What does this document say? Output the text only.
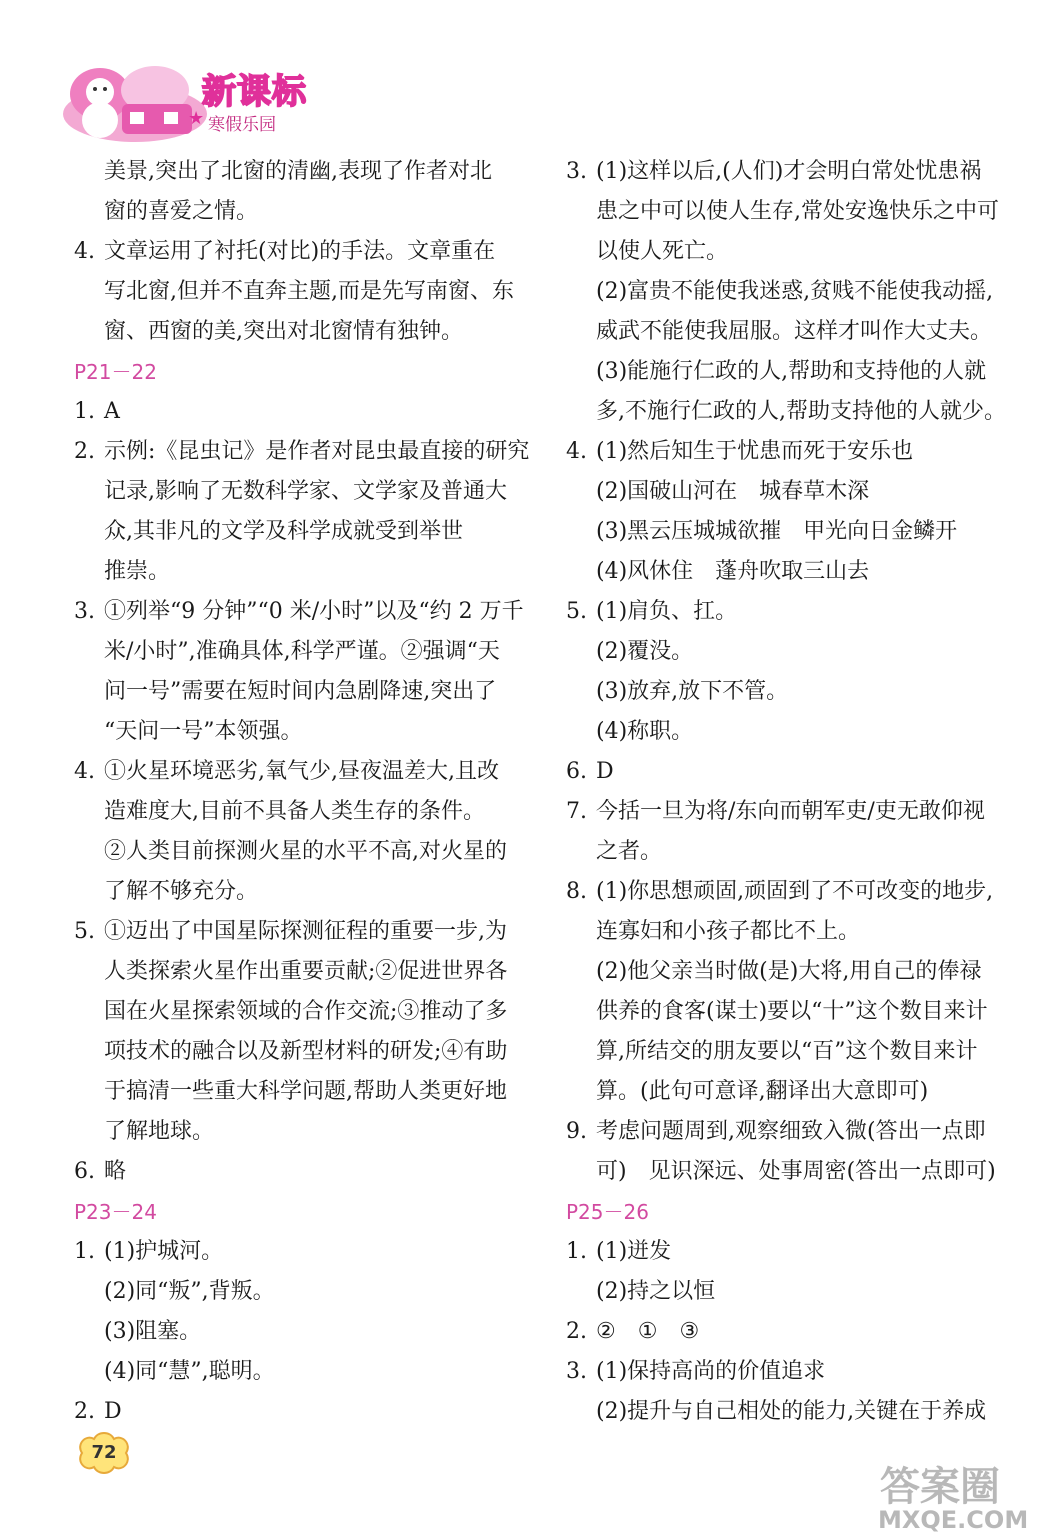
★
新课标
寒假乐园
美景,突出了北窗的清幽,表现了作者对北
窗的喜爱之情。
4. 文章运用了衬托(对比)的手法。文章重在
写北窗,但并不直奔主题,而是先写南窗、东
窗、西窗的美,突出对北窗情有独钟。
P21－22
1. A
2. 示例:《昆虫记》是作者对昆虫最直接的研究
记录,影响了无数科学家、文学家及普通大
众,其非凡的文学及科学成就受到举世
推崇。
3. ①列举“9 分钟”“0 米/小时”以及“约 2 万千
米/小时”,准确具体,科学严谨。②强调“天
问一号”需要在短时间内急剧降速,突出了
“天问一号”本领强。
4. ①火星环境恶劣,氧气少,昼夜温差大,且改
造难度大,目前不具备人类生存的条件。
②人类目前探测火星的水平不高,对火星的
了解不够充分。
5. ①迈出了中国星际探测征程的重要一步,为
人类探索火星作出重要贡献;②促进世界各
国在火星探索领域的合作交流;③推动了多
项技术的融合以及新型材料的研发;④有助
于搞清一些重大科学问题,帮助人类更好地
了解地球。
6. 略
P23－24
1. (1)护城河。
(2)同“叛”,背叛。
(3)阻塞。
(4)同“慧”,聪明。
2. D
3. (1)这样以后,(人们)才会明白常处忧患祸
患之中可以使人生存,常处安逸快乐之中可
以使人死亡。
(2)富贵不能使我迷惑,贫贱不能使我动摇,
威武不能使我屈服。这样才叫作大丈夫。
(3)能施行仁政的人,帮助和支持他的人就
多,不施行仁政的人,帮助支持他的人就少。
4. (1)然后知生于忧患而死于安乐也
(2)国破山河在　城春草木深
(3)黑云压城城欲摧　甲光向日金鳞开
(4)风休住　蓬舟吹取三山去
5. (1)肩负、扛。
(2)覆没。
(3)放弃,放下不管。
(4)称职。
6. D
7. 今括一旦为将/东向而朝军吏/吏无敢仰视
之者。
8. (1)你思想顽固,顽固到了不可改变的地步,
连寡妇和小孩子都比不上。
(2)他父亲当时做(是)大将,用自己的俸禄
供养的食客(谋士)要以“十”这个数目来计
算,所结交的朋友要以“百”这个数目来计
算。(此句可意译,翻译出大意即可)
9. 考虑问题周到,观察细致入微(答出一点即
可)　见识深远、处事周密(答出一点即可)
P25－26
1. (1)迸发
(2)持之以恒
2. ②　①　③
3. (1)保持高尚的价值追求
(2)提升与自己相处的能力,关键在于养成
72
答案圈
MXQE.COM
